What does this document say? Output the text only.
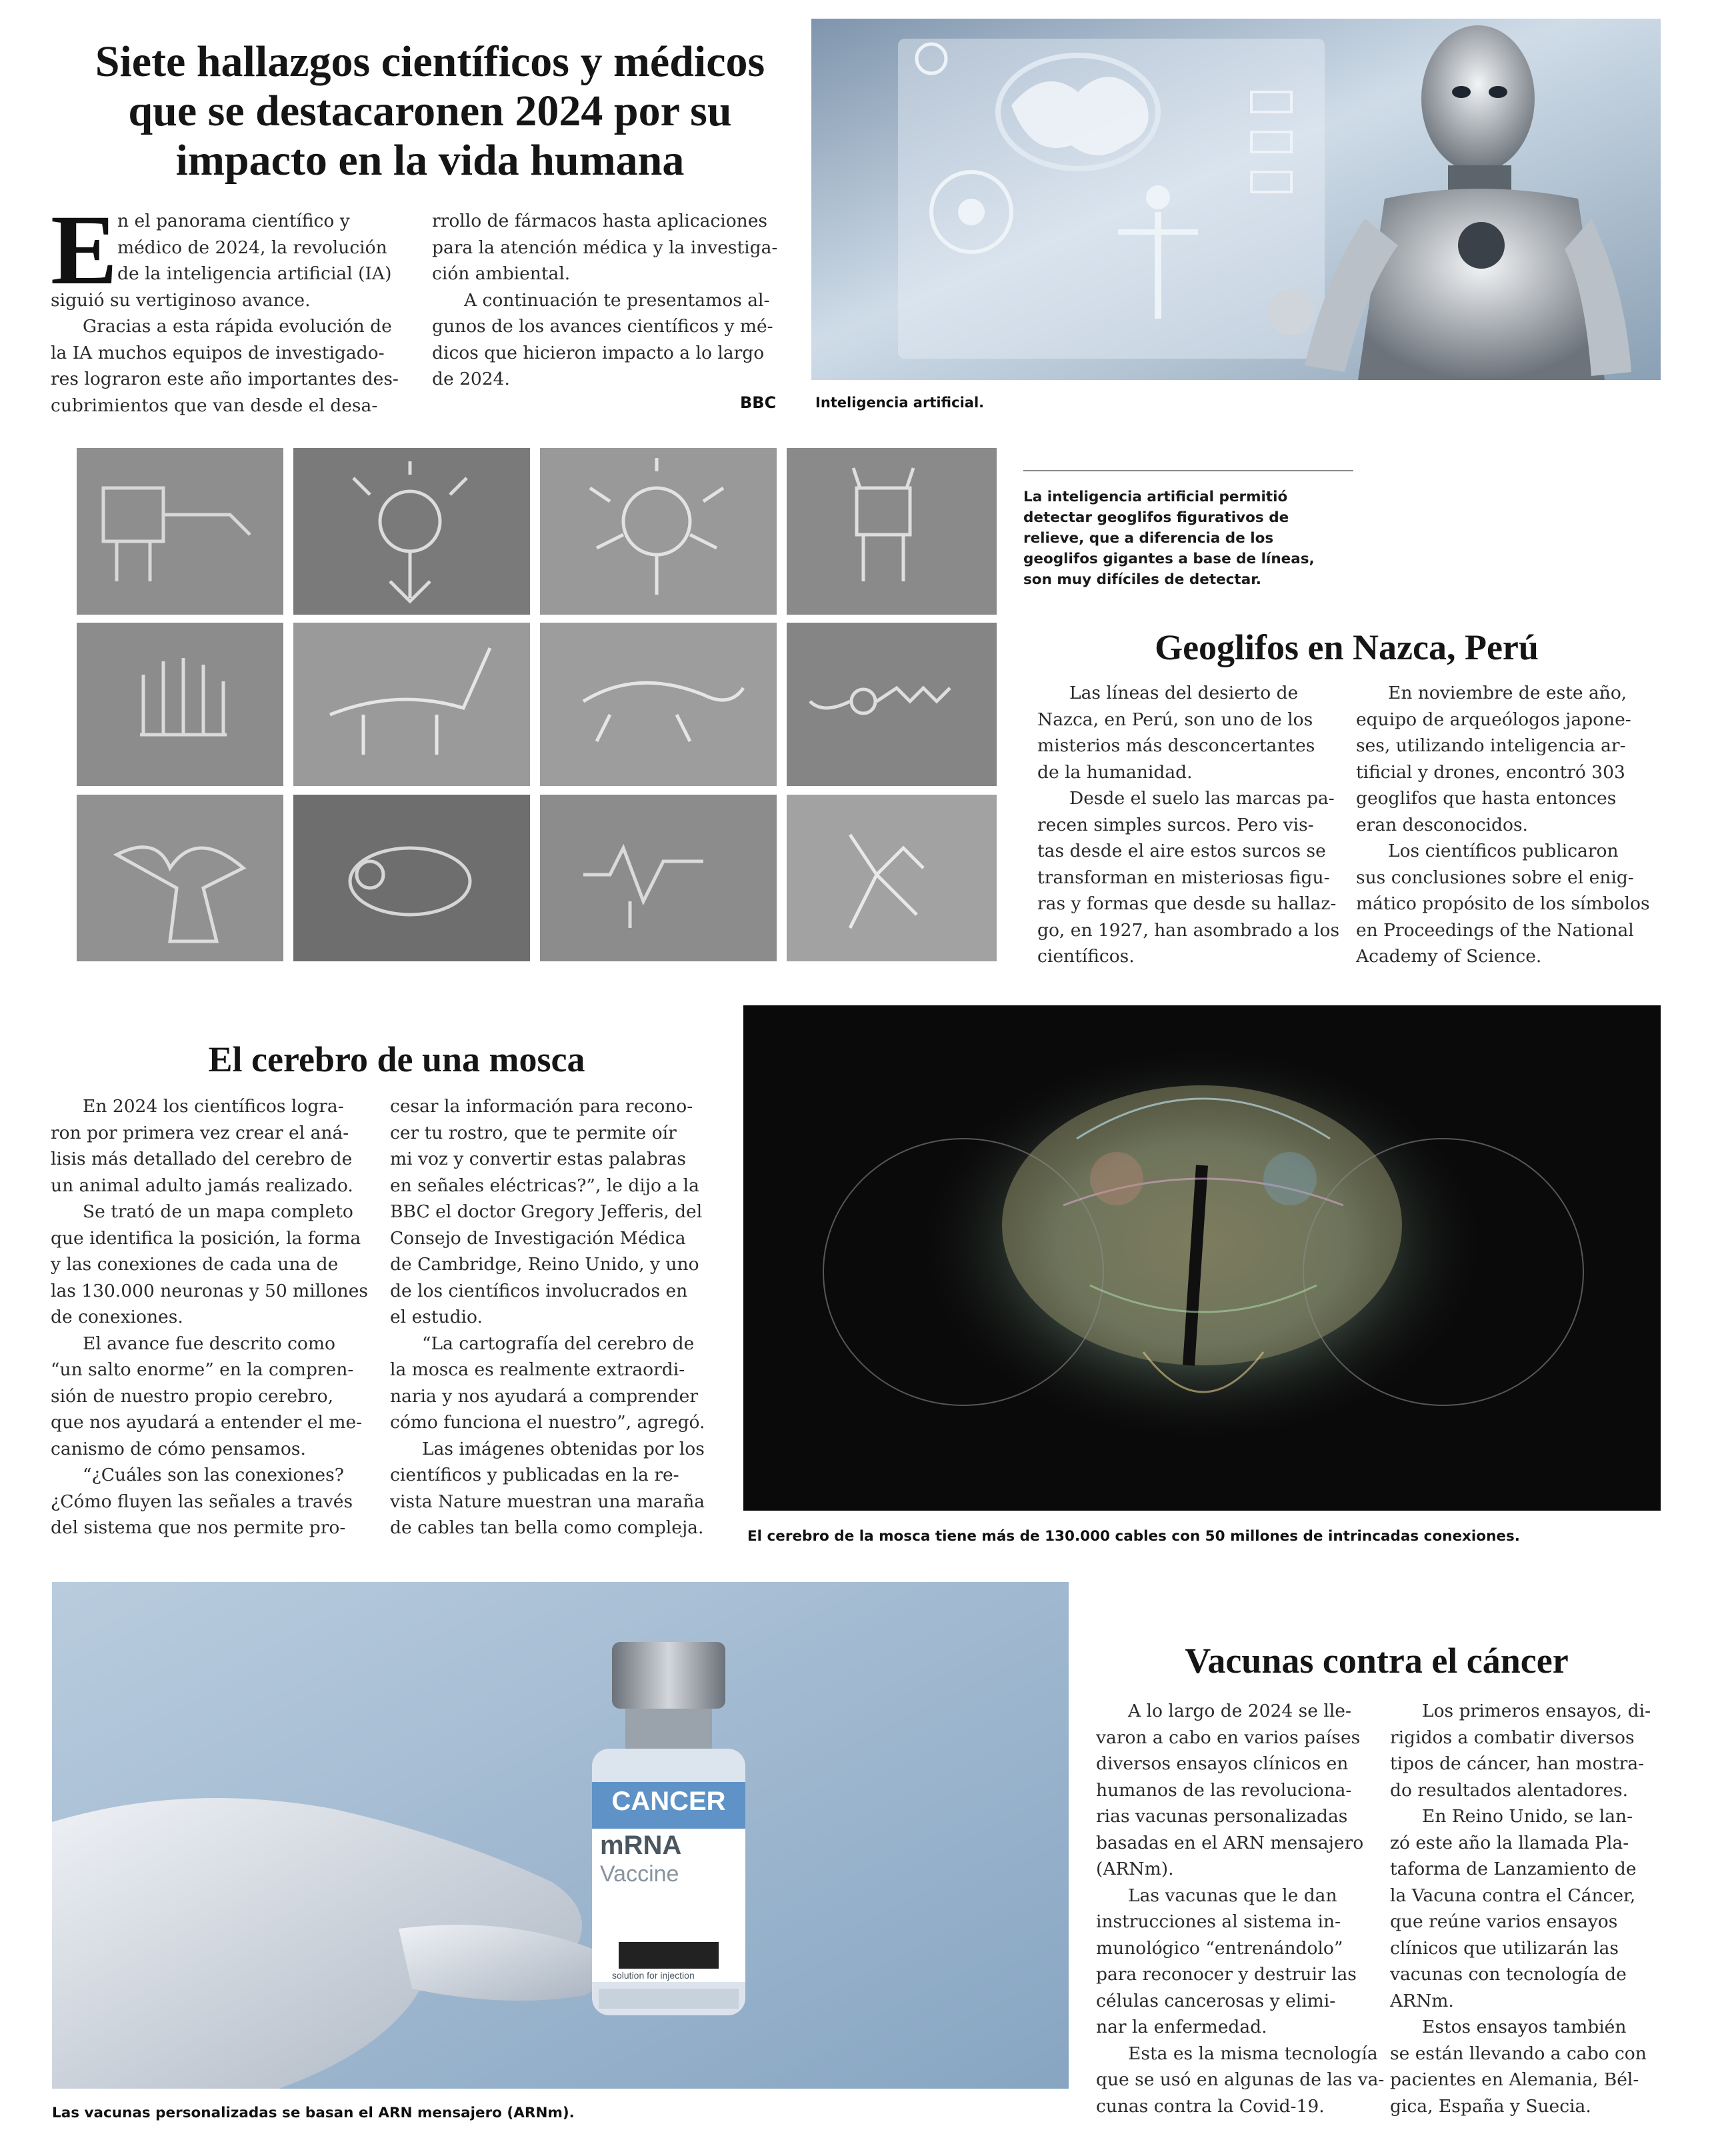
Siete hallazgos científicos y médicos
que se destacaronen 2024 por su
impacto en la vida humana
E n el panorama científico y

médico de 2024, la revolución

de la inteligencia artificial (IA)

siguió su vertiginoso avance.

Gracias a esta rápida evolución de

la IA muchos equipos de investigado-

res lograron este año importantes des-

cubrimientos que van desde el desa-

rrollo de fármacos hasta aplicaciones

para la atención médica y la investiga-

ción ambiental.

A continuación te presentamos al-

gunos de los avances científicos y mé-

dicos que hicieron impacto a lo largo

de 2024.

BBC	Inteligencia artificial.

La inteligencia artificial permitió

detectar geoglifos figurativos de

relieve, que a diferencia de los

geoglifos gigantes a base de líneas,

son muy difíciles de detectar.

Geoglifos en Nazca, Perú

Las líneas del desierto de

Nazca, en Perú, son uno de los

misterios más desconcertantes

de la humanidad.

Desde el suelo las marcas pa-

recen simples surcos. Pero vis-

tas desde el aire estos surcos se

transforman en misteriosas figu-

ras y formas que desde su hallaz-

go, en 1927, han asombrado a los

científicos.

En noviembre de este año,

equipo de arqueólogos japone-

ses, utilizando inteligencia ar-

tificial y drones, encontró 303

geoglifos que hasta entonces

eran desconocidos.

Los científicos publicaron

sus conclusiones sobre el enig-

mático propósito de los símbolos

en Proceedings of the National

Academy of Science.

El cerebro de una mosca

En 2024 los científicos logra-

ron por primera vez crear el aná-

lisis más detallado del cerebro de

un animal adulto jamás realizado.

Se trató de un mapa completo

que identifica la posición, la forma

y las conexiones de cada una de

las 130.000 neuronas y 50 millones

de conexiones.

El avance fue descrito como

“un salto enorme” en la compren-

sión de nuestro propio cerebro,

que nos ayudará a entender el me-

canismo de cómo pensamos.

“¿Cuáles son las conexiones?

¿Cómo fluyen las señales a través

del sistema que nos permite pro-

cesar la información para recono-

cer tu rostro, que te permite oír

mi voz y convertir estas palabras

en señales eléctricas?”, le dijo a la

BBC el doctor Gregory Jefferis, del

Consejo de Investigación Médica

de Cambridge, Reino Unido, y uno

de los científicos involucrados en

el estudio.

“La cartografía del cerebro de

la mosca es realmente extraordi-

naria y nos ayudará a comprender

cómo funciona el nuestro”, agregó.

Las imágenes obtenidas por los

científicos y publicadas en la re-

vista Nature muestran una maraña

de cables tan bella como compleja.	El cerebro de la mosca tiene más de 130.000 cables con 50 millones de intrincadas conexiones.
CANCER
mRNA
Vaccine
solution for injection
Las vacunas personalizadas se basan el ARN mensajero (ARNm).
Vacunas contra el cáncer

A lo largo de 2024 se lle-

varon a cabo en varios países

diversos ensayos clínicos en

humanos de las revoluciona-

rias vacunas personalizadas

basadas en el ARN mensajero

(ARNm).

Las vacunas que le dan

instrucciones al sistema in-

munológico “entrenándolo”

para reconocer y destruir las

células cancerosas y elimi-

nar la enfermedad.

Esta es la misma tecnología

que se usó en algunas de las va-

cunas contra la Covid-19.

Los primeros ensayos, di-

rigidos a combatir diversos

tipos de cáncer, han mostra-

do resultados alentadores.

En Reino Unido, se lan-

zó este año la llamada Pla-

taforma de Lanzamiento de

la Vacuna contra el Cáncer,

que reúne varios ensayos

clínicos que utilizarán las

vacunas con tecnología de

ARNm.

Estos ensayos también

se están llevando a cabo con

pacientes en Alemania, Bél-

gica, España y Suecia.
